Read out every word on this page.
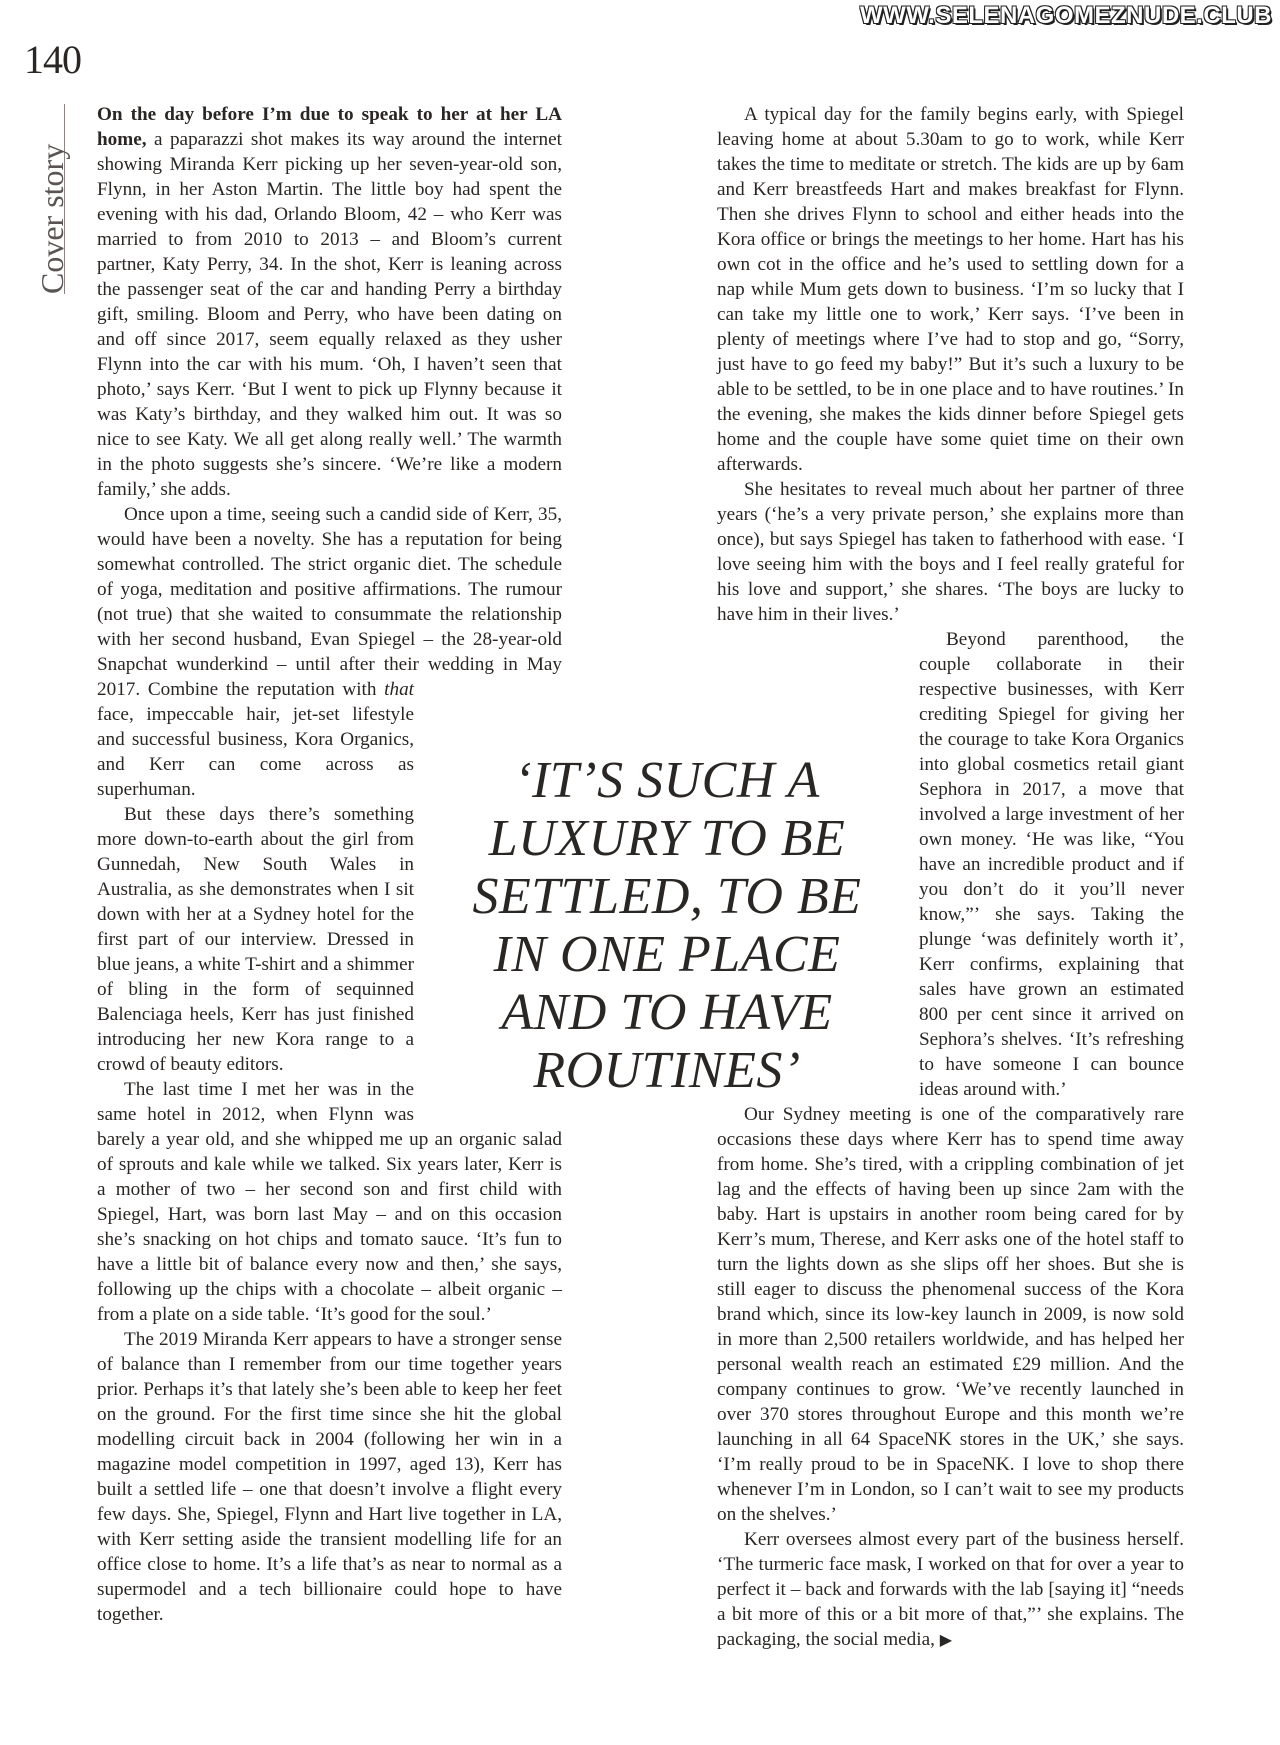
WWW.SELENAGOMEZNUDE.CLUB
140
Cover story

On the day before I’m due to speak to her at her LA home, a paparazzi shot makes its way around the internet showing Miranda Kerr picking up her seven-year-old son, Flynn, in her Aston Martin. The little boy had spent the evening with his dad, Orlando Bloom, 42 – who Kerr was married to from 2010 to 2013 – and Bloom’s current partner, Katy Perry, 34. In the shot, Kerr is leaning across the passenger seat of the car and handing Perry a birthday gift, smiling. Bloom and Perry, who have been dating on and off since 2017, seem equally relaxed as they usher Flynn into the car with his mum. ‘Oh, I haven’t seen that photo,’ says Kerr. ‘But I went to pick up Flynny because it was Katy’s birthday, and they walked him out. It was so nice to see Katy. We all get along really well.’ The warmth in the photo suggests she’s sincere. ‘We’re like a modern family,’ she adds.

Once upon a time, seeing such a candid side of Kerr, 35, would have been a novelty. She has a reputation for being somewhat controlled. The strict organic diet. The schedule of yoga, meditation and positive affirmations. The rumour (not true) that she waited to consummate the relationship with her second husband, Evan Spiegel – the 28-year-old Snapchat wunderkind – until after their wedding in May 2017. Combine the reputation with
that face, impeccable hair, jet-set lifestyle and successful business, Kora Organics, and Kerr can come across as superhuman.

But these days there’s something more down-to-earth about the girl from Gunnedah, New South Wales in Australia, as she demonstrates when I sit down with her at a Sydney hotel for the first part of our interview. Dressed in blue jeans, a white T-shirt and a shimmer of bling in the form of sequinned Balenciaga heels, Kerr has just finished introducing her new Kora range to a crowd of beauty editors.

The last time I met her was in the same hotel in 2012, when Flynn was barely a year old, and she whipped me up an organic salad of sprouts and kale while we talked. Six years later, Kerr is a mother of two – her second son and first child with Spiegel, Hart, was born last May – and on this occasion she’s snacking on hot chips and tomato sauce. ‘It’s fun to have a little bit of balance every now and then,’ she says, following up the chips with a chocolate – albeit organic – from a plate on a side table. ‘It’s good for the soul.’

The 2019 Miranda Kerr appears to have a stronger sense of balance than I remember from our time together years prior. Perhaps it’s that lately she’s been able to keep her feet on the ground. For the first time since she hit the global modelling circuit back in 2004 (following her win in a magazine model competition in 1997, aged 13), Kerr has built a settled life – one that doesn’t involve a flight every few days. She, Spiegel, Flynn and Hart live together in LA, with Kerr setting aside the transient modelling life for an office close to home. It’s a life that’s as near to normal as a supermodel and a tech billionaire could hope to have together.

A typical day for the family begins early, with Spiegel leaving home at about 5.30am to go to work, while Kerr takes the time to meditate or stretch. The kids are up by 6am and Kerr breastfeeds Hart and makes breakfast for Flynn. Then she drives Flynn to school and either heads into the Kora office or brings the meetings to her home. Hart has his own cot in the office and he’s used to settling down for a nap while Mum gets down to business. ‘I’m so lucky that I can take my little one to work,’ Kerr says. ‘I’ve been in plenty of meetings where I’ve had to stop and go, “Sorry, just have to go feed my baby!” But it’s such a luxury to be able to be settled, to be in one place and to have routines.’ In the evening, she makes the kids dinner before Spiegel gets home and the couple have some quiet time on their own afterwards.

She hesitates to reveal much about her partner of three years (‘he’s a very private person,’ she explains more than once), but says Spiegel has taken to fatherhood with ease. ‘I love seeing him with the boys and I feel really grateful for his love and support,’ she shares. ‘The boys are lucky to have him in their lives.’

Beyond parenthood, the couple collaborate in their respective businesses, with Kerr crediting Spiegel for giving her the courage to take Kora Organics into global cosmetics retail giant Sephora in 2017, a move that involved a large investment of her own money. ‘He was like, “You have an incredible product and if you don’t do it you’ll never know,”’ she says. Taking the plunge ‘was definitely worth it’, Kerr confirms, explaining that sales have grown an estimated 800 per cent since it arrived on Sephora’s shelves. ‘It’s refreshing to have someone I can bounce ideas around with.’

Our Sydney meeting is one of the comparatively rare occasions these days where Kerr has to spend time away from home. She’s tired, with a crippling combination of jet lag and the effects of having been up since 2am with the baby. Hart is upstairs in another room being cared for by Kerr’s mum, Therese, and Kerr asks one of the hotel staff to turn the lights down as she slips off her shoes. But she is still eager to discuss the phenomenal success of the Kora brand which, since its low-key launch in 2009, is now sold in more than 2,500 retailers worldwide, and has helped her personal wealth reach an estimated £29 million. And the company continues to grow. ‘We’ve recently launched in over 370 stores throughout Europe and this month we’re launching in all 64 SpaceNK stores in the UK,’ she says. ‘I’m really proud to be in SpaceNK. I love to shop there whenever I’m in London, so I can’t wait to see my products on the shelves.’

Kerr oversees almost every part of the business herself. ‘The turmeric face mask, I worked on that for over a year to perfect it – back and forwards with the lab [saying it] “needs a bit more of this or a bit more of that,”’ she explains. The packaging, the social media, ▶

‘IT’S SUCH A LUXURY TO BE SETTLED, TO BE IN ONE PLACE AND TO HAVE ROUTINES’
